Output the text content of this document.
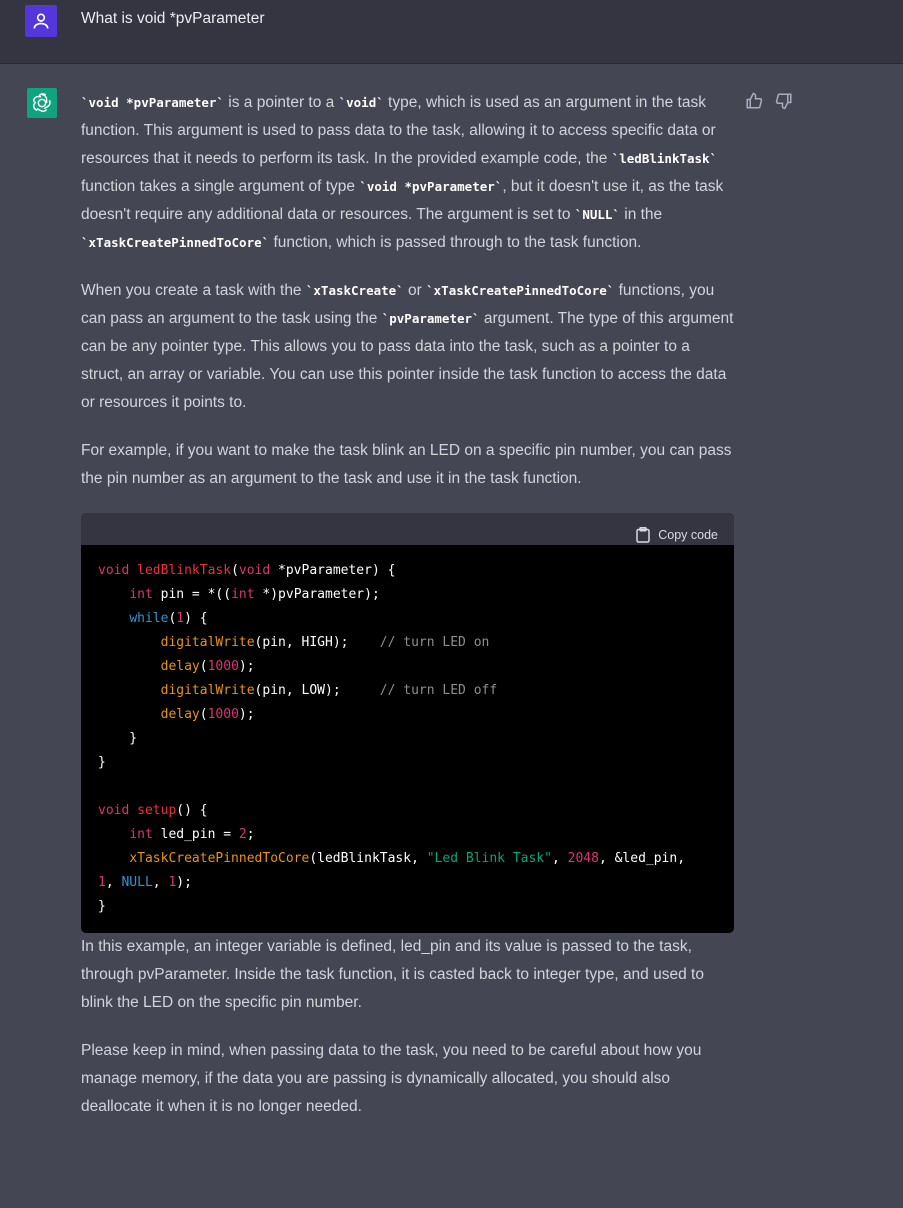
What is void *pvParameter

`void *pvParameter` is a pointer to a `void` type, which is used as an argument in the task function. This argument is used to pass data to the task, allowing it to access specific data or resources that it needs to perform its task. In the provided example code, the `ledBlinkTask` function takes a single argument of type `void *pvParameter`, but it doesn't use it, as the task doesn't require any additional data or resources. The argument is set to `NULL` in the `xTaskCreatePinnedToCore` function, which is passed through to the task function.

When you create a task with the `xTaskCreate` or `xTaskCreatePinnedToCore` functions, you can pass an argument to the task using the `pvParameter` argument. The type of this argument can be any pointer type. This allows you to pass data into the task, such as a pointer to a struct, an array or variable. You can use this pointer inside the task function to access the data or resources it points to.

For example, if you want to make the task blink an LED on a specific pin number, you can pass the pin number as an argument to the task and use it in the task function.

Copy code
void ledBlinkTask(void *pvParameter) {
int pin = *((int *)pvParameter);
while(1) {
digitalWrite(pin, HIGH);    // turn LED on
delay(1000);
digitalWrite(pin, LOW);     // turn LED off
delay(1000);
}
}

void setup() {
int led_pin = 2;
xTaskCreatePinnedToCore(ledBlinkTask, "Led Blink Task", 2048, &led_pin,
1, NULL, 1);
}

In this example, an integer variable is defined, led_pin and its value is passed to the task, through pvParameter. Inside the task function, it is casted back to integer type, and used to blink the LED on the specific pin number.

Please keep in mind, when passing data to the task, you need to be careful about how you manage memory, if the data you are passing is dynamically allocated, you should also deallocate it when it is no longer needed.
